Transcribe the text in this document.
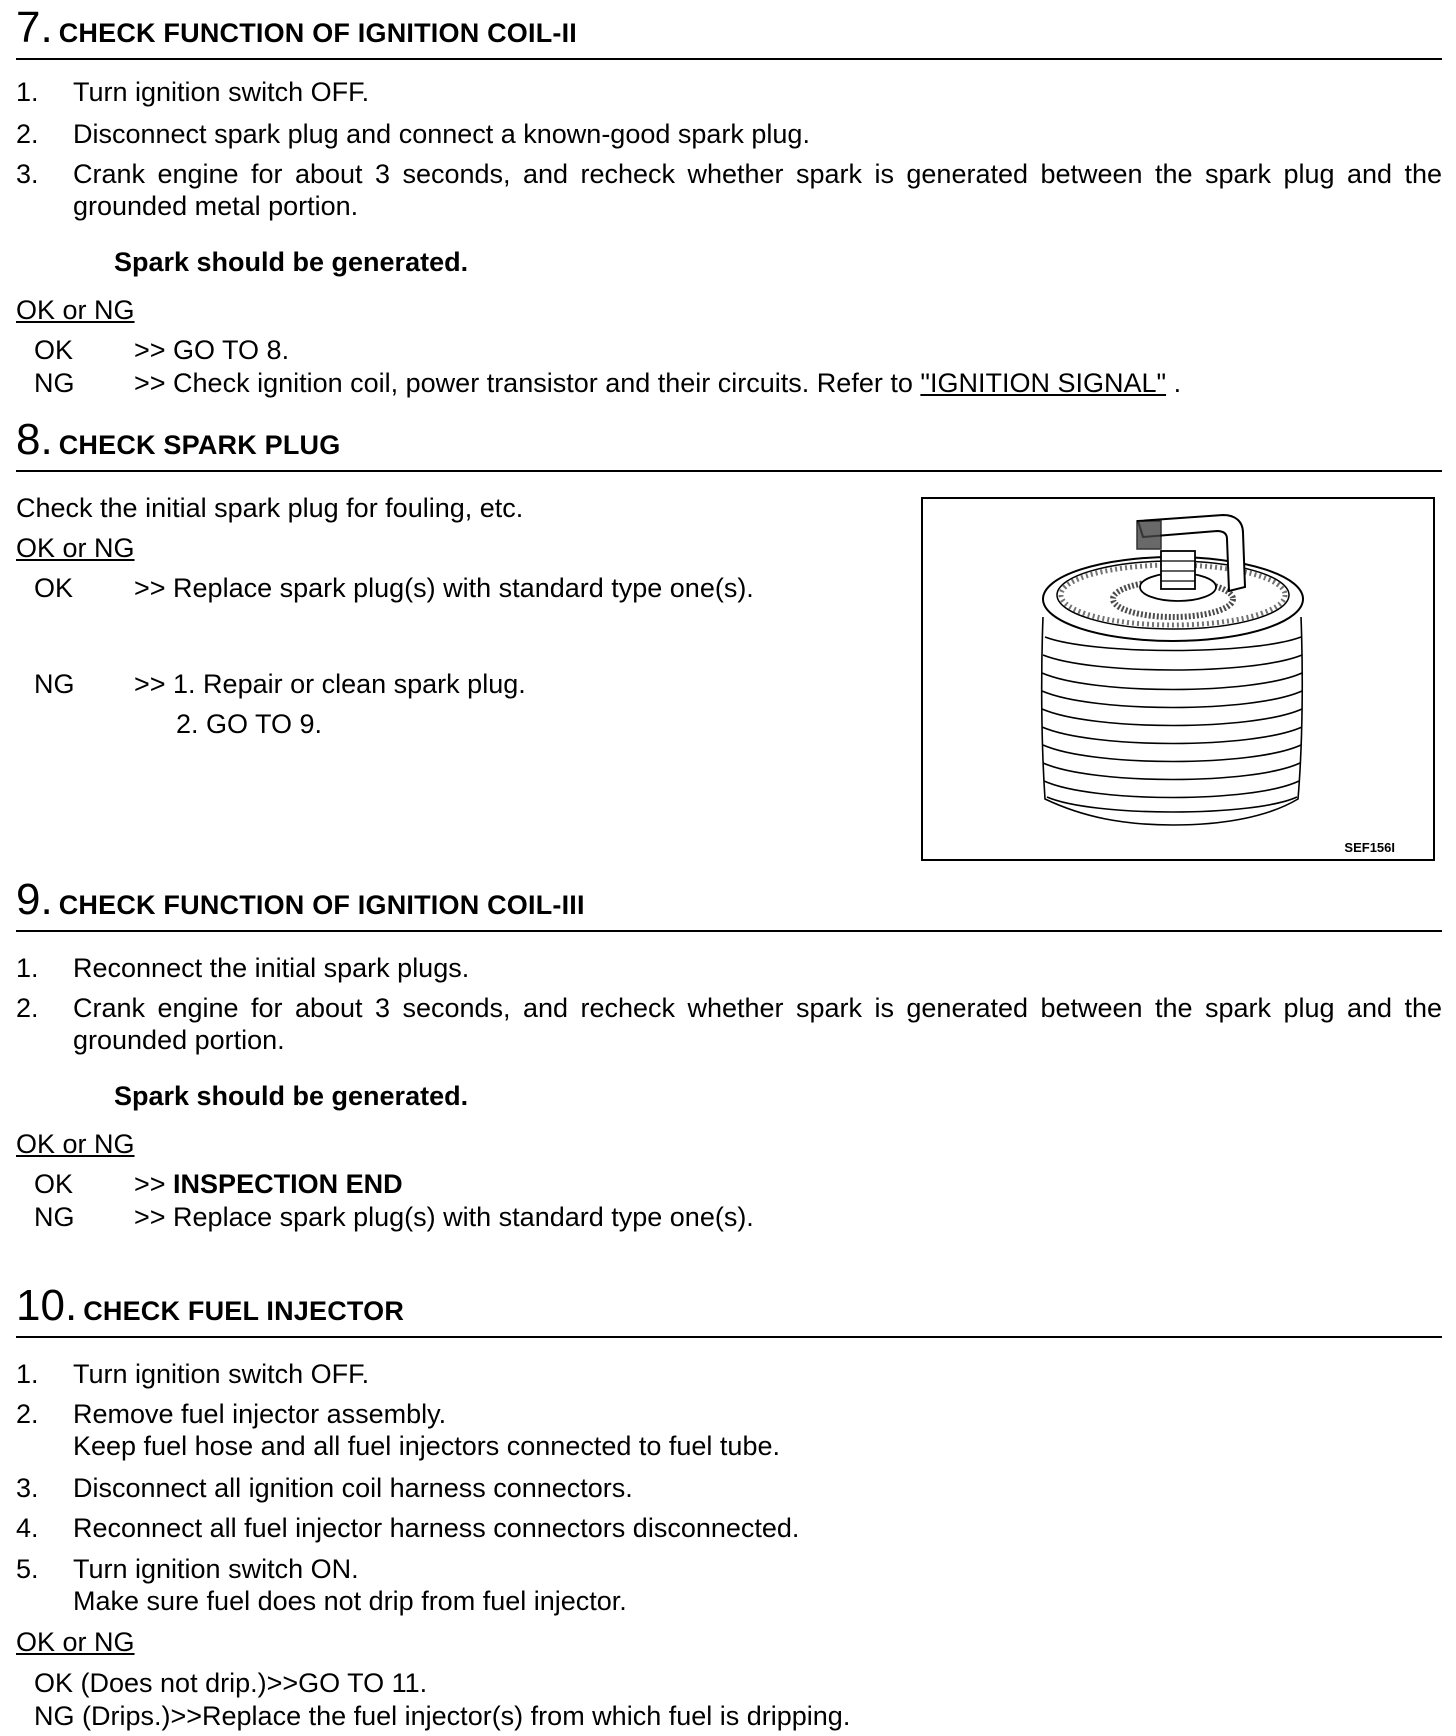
7. CHECK FUNCTION OF IGNITION COIL-II
1. Turn ignition switch OFF.
2. Disconnect spark plug and connect a known-good spark plug.
3. Crank engine for about 3 seconds, and recheck whether spark is generated between the spark plug and the grounded metal portion.
Spark should be generated.
OK or NG
OK >> GO TO 8.
NG >> Check ignition coil, power transistor and their circuits. Refer to "IGNITION SIGNAL" .
8. CHECK SPARK PLUG
Check the initial spark plug for fouling, etc.
OK or NG
OK >> Replace spark plug(s) with standard type one(s).
NG >> 1. Repair or clean spark plug.
2. GO TO 9.
SEF156I
9. CHECK FUNCTION OF IGNITION COIL-III
1. Reconnect the initial spark plugs.
2. Crank engine for about 3 seconds, and recheck whether spark is generated between the spark plug and the grounded portion.
Spark should be generated.
OK or NG
OK >> INSPECTION END
NG >> Replace spark plug(s) with standard type one(s).
10. CHECK FUEL INJECTOR
1. Turn ignition switch OFF.
2. Remove fuel injector assembly.
Keep fuel hose and all fuel injectors connected to fuel tube.
3. Disconnect all ignition coil harness connectors.
4. Reconnect all fuel injector harness connectors disconnected.
5. Turn ignition switch ON.
Make sure fuel does not drip from fuel injector.
OK or NG
OK (Does not drip.)>>GO TO 11.
NG (Drips.)>>Replace the fuel injector(s) from which fuel is dripping.
